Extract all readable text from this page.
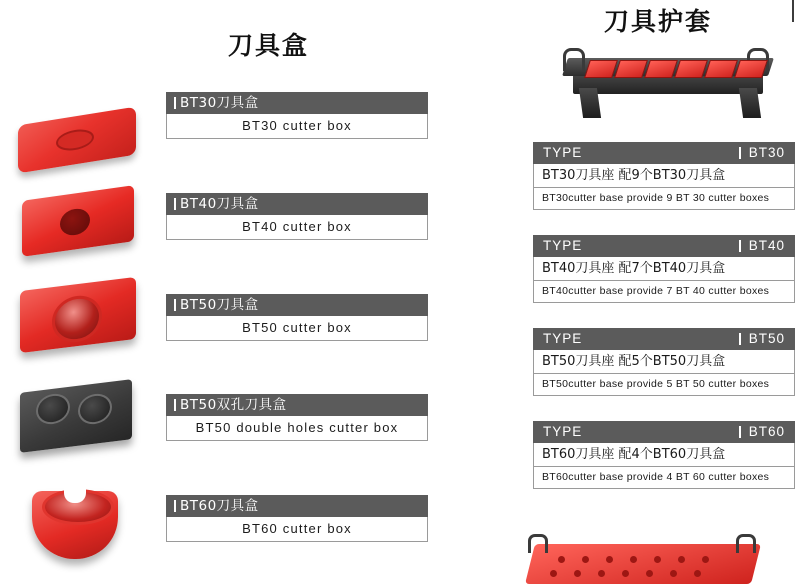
刀具盒
BT30刀具盒
BT30 cutter box
BT40刀具盒
BT40 cutter box
BT50刀具盒
BT50 cutter box
BT50双孔刀具盒
BT50 double holes cutter box
BT60刀具盒
BT60 cutter box
刀具护套
TYPE	BT30
BT30刀具座 配9个BT30刀具盒
BT30cutter base provide 9 BT 30 cutter boxes
TYPE	BT40
BT40刀具座 配7个BT40刀具盒
BT40cutter base provide 7 BT 40 cutter boxes
TYPE	BT50
BT50刀具座 配5个BT50刀具盒
BT50cutter base provide 5 BT 50 cutter boxes
TYPE	BT60
BT60刀具座 配4个BT60刀具盒
BT60cutter base provide 4 BT 60 cutter boxes
